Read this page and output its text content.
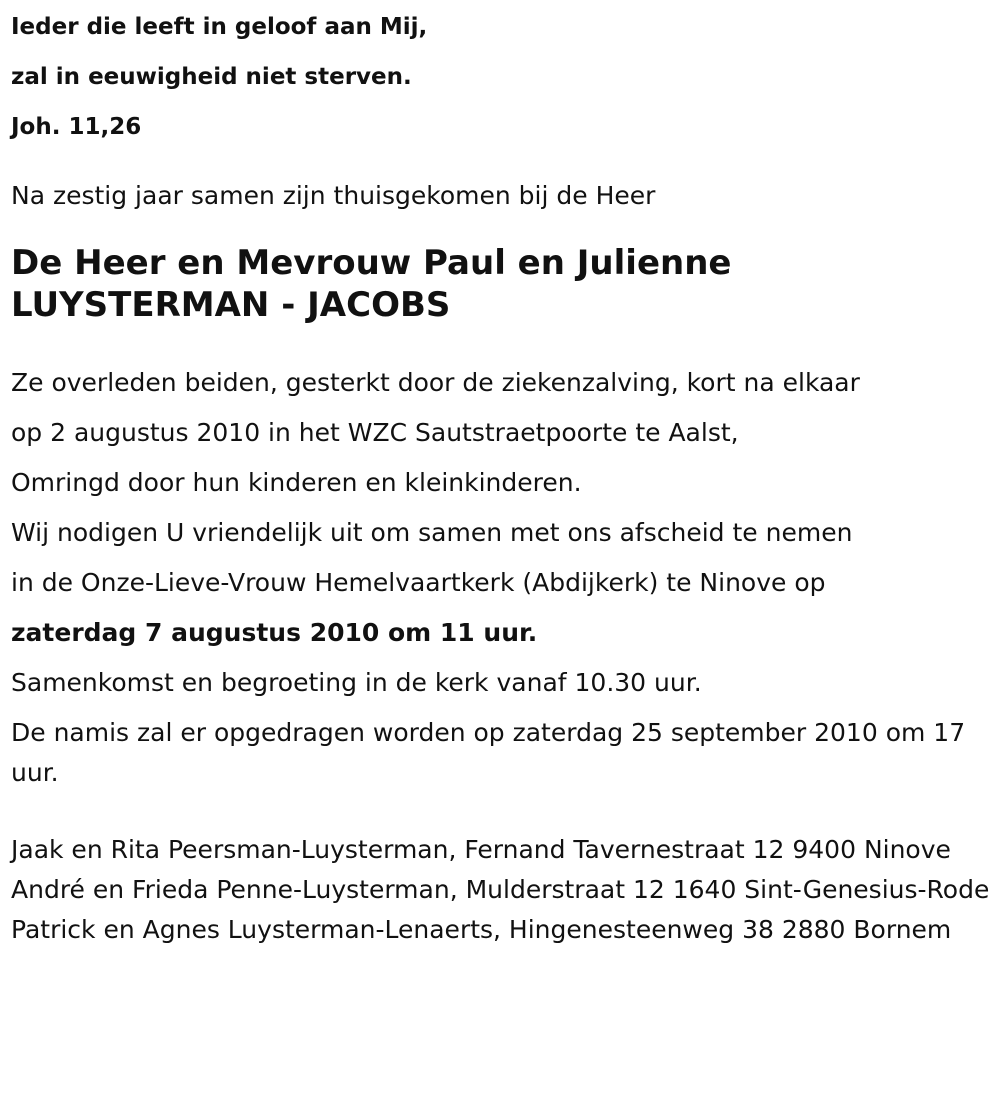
Ieder die leeft in geloof aan Mij,
zal in eeuwigheid niet sterven.
Joh. 11,26
Na zestig jaar samen zijn thuisgekomen bij de Heer
De Heer en Mevrouw Paul en Julienne
LUYSTERMAN - JACOBS
Ze overleden beiden, gesterkt door de ziekenzalving, kort na elkaar
op 2 augustus 2010 in het WZC Sautstraetpoorte te Aalst,
Omringd door hun kinderen en kleinkinderen.
Wij nodigen U vriendelijk uit om samen met ons afscheid te nemen
in de Onze-Lieve-Vrouw Hemelvaartkerk (Abdijkerk) te Ninove op
zaterdag 7 augustus 2010 om 11 uur.
Samenkomst en begroeting in de kerk vanaf 10.30 uur.
De namis zal er opgedragen worden op zaterdag 25 september 2010 om 17 uur.
Jaak en Rita Peersman-Luysterman, Fernand Tavernestraat 12 9400 Ninove
André en Frieda Penne-Luysterman, Mulderstraat 12 1640 Sint-Genesius-Rode
Patrick en Agnes Luysterman-Lenaerts, Hingenesteenweg 38 2880 Bornem
